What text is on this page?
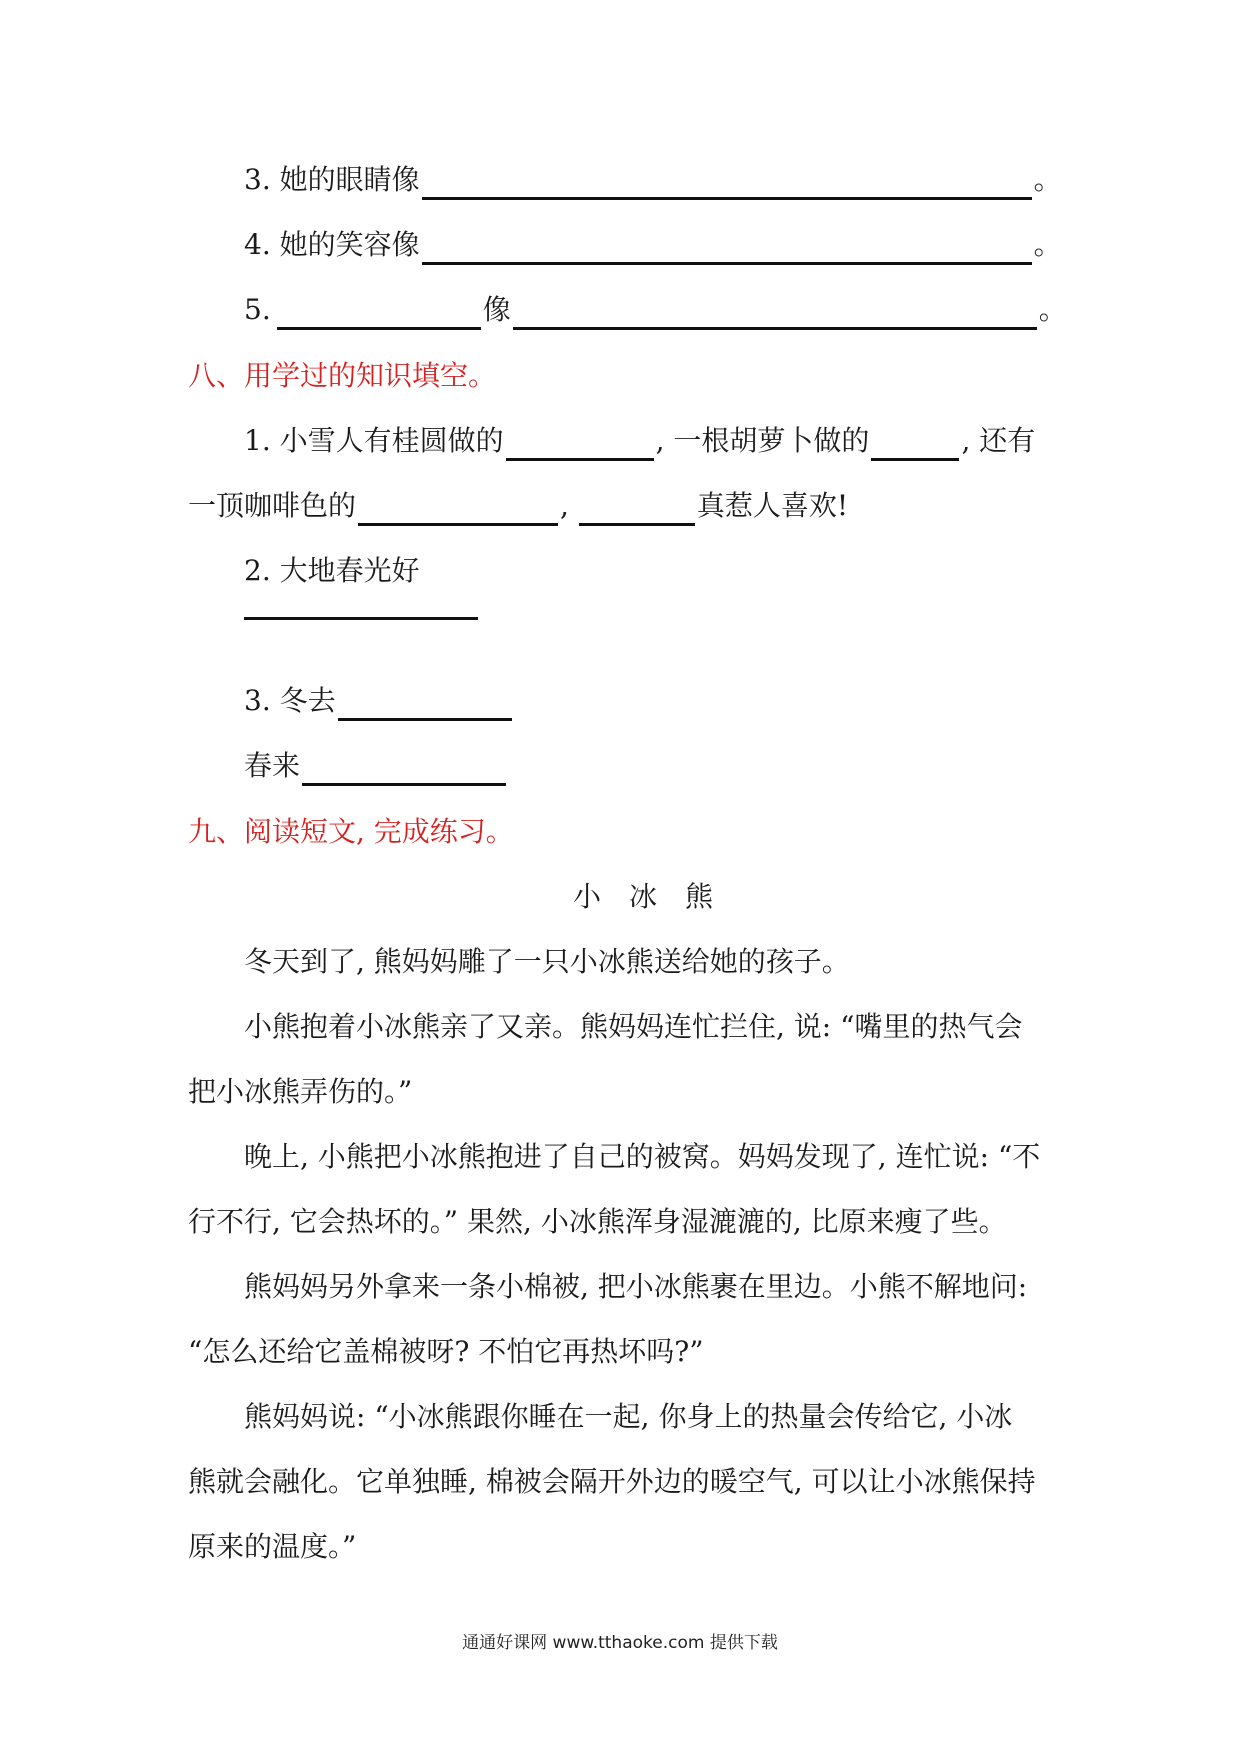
3. 她的眼睛像	。
4. 她的笑容像	。
5.	像	。
八、用学过的知识填空。
1. 小雪人有桂圆做的	, 一根胡萝卜做的	, 还有
一顶咖啡色的	,	真惹人喜欢!
2. 大地春光好
3. 冬去
春来
九、阅读短文, 完成练习。
小　冰　熊
冬天到了, 熊妈妈雕了一只小冰熊送给她的孩子。
小熊抱着小冰熊亲了又亲。熊妈妈连忙拦住, 说: “嘴里的热气会
把小冰熊弄伤的。”
晚上, 小熊把小冰熊抱进了自己的被窝。妈妈发现了, 连忙说: “不
行不行, 它会热坏的。” 果然, 小冰熊浑身湿漉漉的, 比原来瘦了些。
熊妈妈另外拿来一条小棉被, 把小冰熊裹在里边。小熊不解地问:
“怎么还给它盖棉被呀? 不怕它再热坏吗?”
熊妈妈说: “小冰熊跟你睡在一起, 你身上的热量会传给它, 小冰
熊就会融化。它单独睡, 棉被会隔开外边的暖空气, 可以让小冰熊保持
原来的温度。”
通通好课网 www.tthaoke.com 提供下载
